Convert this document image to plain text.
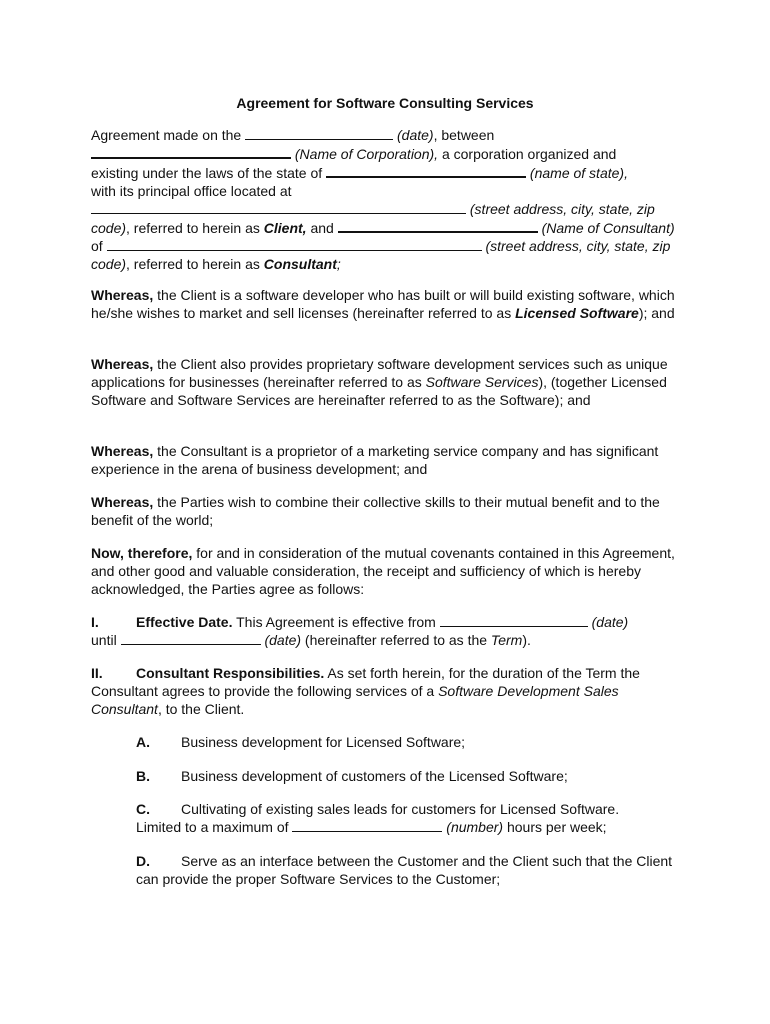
Agreement for Software Consulting Services

Agreement made on the	(date), between

(Name of Corporation), a corporation organized and

existing under the laws of the state of	(name of state),

with its principal office located at

(street address, city, state, zip code), referred to herein as Client, and	(Name of Consultant) of	(street address, city, state, zip code), referred to herein as Consultant;

Whereas, the Client is a software developer who has built or will build existing software, which he/she wishes to market and sell licenses (hereinafter referred to as Licensed Software); and

Whereas, the Client also provides proprietary software development services such as unique applications for businesses (hereinafter referred to as Software Services), (together Licensed Software and Software Services are hereinafter referred to as the Software); and

Whereas, the Consultant is a proprietor of a marketing service company and has significant experience in the arena of business development; and

Whereas, the Parties wish to combine their collective skills to their mutual benefit and to the benefit of the world;

Now, therefore, for and in consideration of the mutual covenants contained in this Agreement, and other good and valuable consideration, the receipt and sufficiency of which is hereby acknowledged, the Parties agree as follows:

I.	Effective Date. This Agreement is effective from	(date)

until	(date) (hereinafter referred to as the Term).

II. Consultant Responsibilities. As set forth herein, for the duration of the Term the Consultant agrees to provide the following services of a Software Development Sales Consultant, to the Client.

A. Business development for Licensed Software;

B. Business development of customers of the Licensed Software;

C. Cultivating of existing sales leads for customers for Licensed Software.

Limited to a maximum of	(number) hours per week;

D. Serve as an interface between the Customer and the Client such that the Client can provide the proper Software Services to the Customer;
